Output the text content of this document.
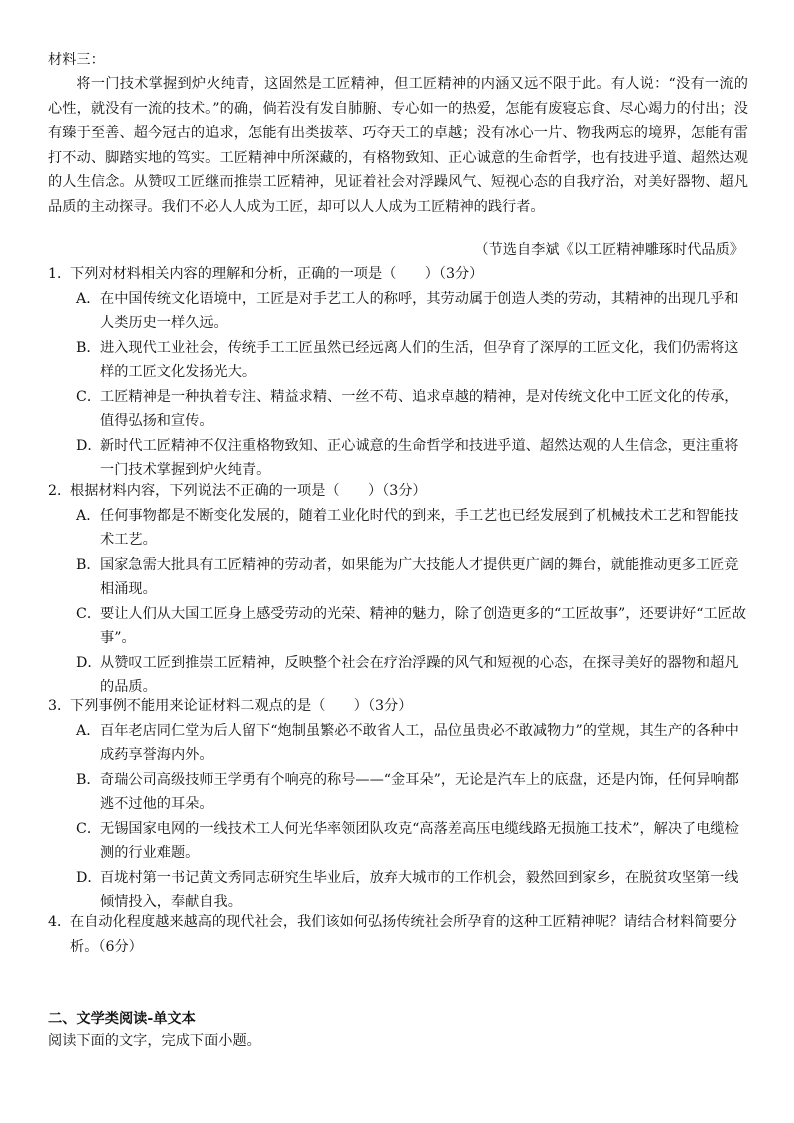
材料三：
将一门技术掌握到炉火纯青，这固然是工匠精神，但工匠精神的内涵又远不限于此。有人说：“没有一流的心性，就没有一流的技术。”的确，倘若没有发自肺腑、专心如一的热爱，怎能有废寝忘食、尽心竭力的付出；没有臻于至善、超今冠古的追求，怎能有出类拔萃、巧夺天工的卓越；没有冰心一片、物我两忘的境界，怎能有雷打不动、脚踏实地的笃实。工匠精神中所深藏的，有格物致知、正心诚意的生命哲学，也有技进乎道、超然达观的人生信念。从赞叹工匠继而推崇工匠精神，见证着社会对浮躁风气、短视心态的自我疗治，对美好器物、超凡品质的主动探寻。我们不必人人成为工匠，却可以人人成为工匠精神的践行者。
（节选自李斌《以工匠精神雕琢时代品质》
1．
下列对材料相关内容的理解和分析，正确的一项是（　　）（3分）
A． 在中国传统文化语境中，工匠是对手艺工人的称呼，其劳动属于创造人类的劳动，其精神的出现几乎和人类历史一样久远。
B． 进入现代工业社会，传统手工工匠虽然已经远离人们的生活，但孕育了深厚的工匠文化，我们仍需将这样的工匠文化发扬光大。
C．
工匠精神是一种执着专注、精益求精、一丝不苟、追求卓越的精神，是对传统文化中工匠文化的传承，值得弘扬和宣传。
D．
新时代工匠精神不仅注重格物致知、正心诚意的生命哲学和技进乎道、超然达观的人生信念，更注重将一门技术掌握到炉火纯青。
2．
根据材料内容，下列说法不正确的一项是（　　）（3分）
A． 任何事物都是不断变化发展的，随着工业化时代的到来，手工艺也已经发展到了机械技术工艺和智能技术工艺。
B． 国家急需大批具有工匠精神的劳动者，如果能为广大技能人才提供更广阔的舞台，就能推动更多工匠竞相涌现。
C．
要让人们从大国工匠身上感受劳动的光荣、精神的魅力，除了创造更多的“工匠故事”，还要讲好“工匠故事”。
D．
从赞叹工匠到推崇工匠精神，反映整个社会在疗治浮躁的风气和短视的心态，在探寻美好的器物和超凡的品质。
3．
下列事例不能用来论证材料二观点的是（　　）（3分）
A． 百年老店同仁堂为后人留下“炮制虽繁必不敢省人工，品位虽贵必不敢减物力”的堂规，其生产的各种中成药享誉海内外。
B． 奇瑞公司高级技师王学勇有个响亮的称号——“金耳朵”，无论是汽车上的底盘，还是内饰，任何异响都逃不过他的耳朵。
C．
无锡国家电网的一线技术工人何光华率领团队攻克“高落差高压电缆线路无损施工技术”，解决了电缆检测的行业难题。
D．
百垅村第一书记黄文秀同志研究生毕业后，放弃大城市的工作机会，毅然回到家乡，在脱贫攻坚第一线倾情投入，奉献自我。
4．
在自动化程度越来越高的现代社会，我们该如何弘扬传统社会所孕育的这种工匠精神呢？请结合材料简要分析。（6分）
二、文学类阅读-单文本
阅读下面的文字，完成下面小题。
